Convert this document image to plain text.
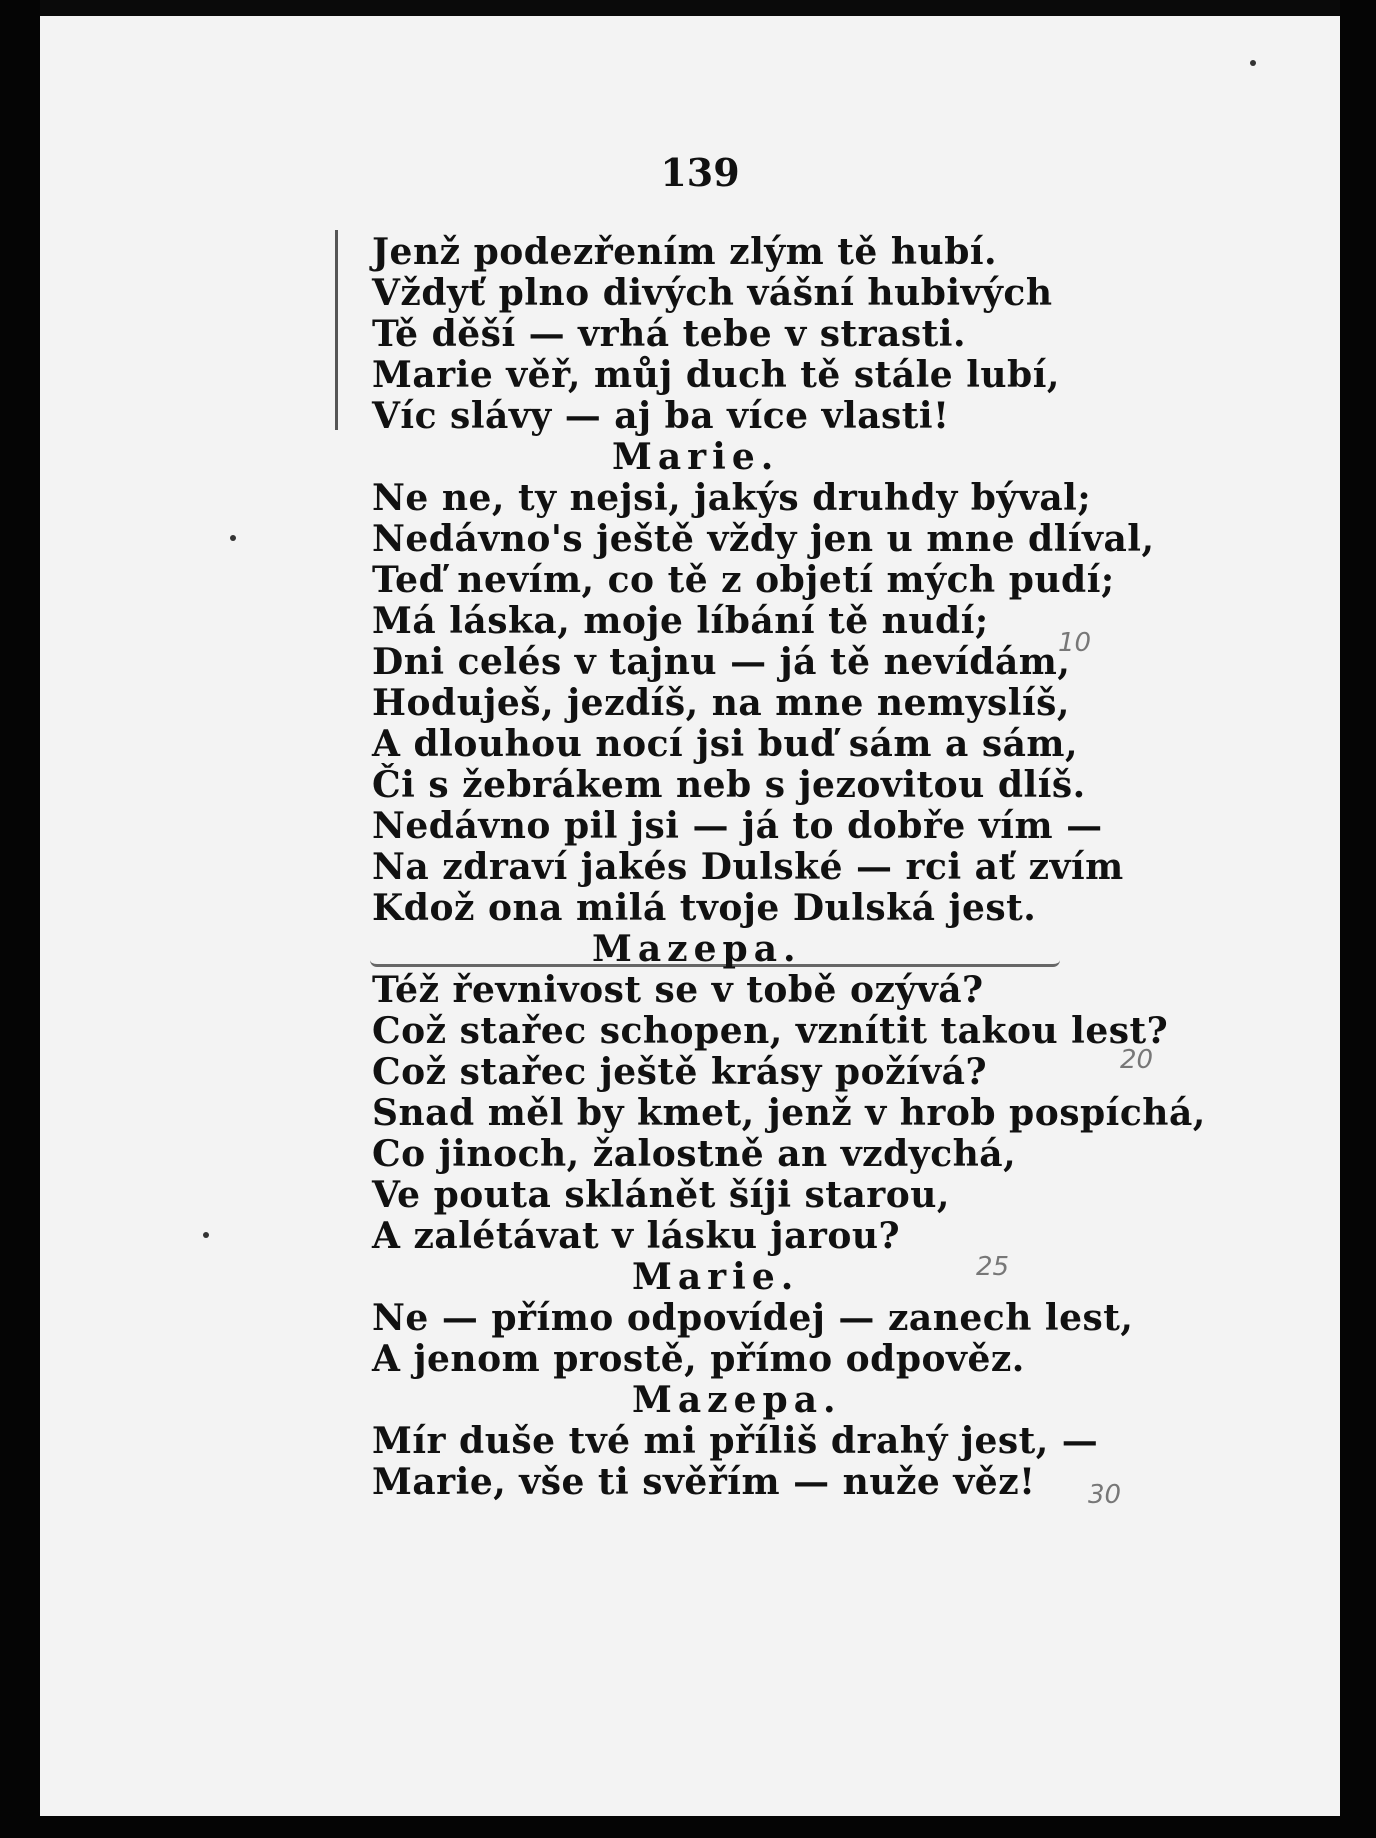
139
Jenž podezřením zlým tě hubí.
Vždyť plno divých vášní hubivých
Tě děší — vrhá tebe v strasti.
Marie věř, můj duch tě stále lubí,
Víc slávy — aj ba více vlasti!
Marie.
Ne ne, ty nejsi, jakýs druhdy býval;
Nedávno's ještě vždy jen u mne dlíval,
Teď nevím, co tě z objetí mých pudí;
Má láska, moje líbání tě nudí;
Dni celés v tajnu — já tě nevídám,
Hoduješ, jezdíš, na mne nemyslíš,
A dlouhou nocí jsi buď sám a sám,
Či s žebrákem neb s jezovitou dlíš.
Nedávno pil jsi — já to dobře vím —
Na zdraví jakés Dulské — rci ať zvím
Kdož ona milá tvoje Dulská jest.
Mazepa.
Též řevnivost se v tobě ozývá?
Což stařec schopen, vznítit takou lest?
Což stařec ještě krásy požívá?
Snad měl by kmet, jenž v hrob pospíchá,
Co jinoch, žalostně an vzdychá,
Ve pouta sklánět šíji starou,
A zalétávat v lásku jarou?
Marie.
Ne — přímo odpovídej — zanech lest,
A jenom prostě, přímo odpověz.
Mazepa.
Mír duše tvé mi příliš drahý jest, —
Marie, vše ti svěřím — nuže věz!
10
20
25
30
